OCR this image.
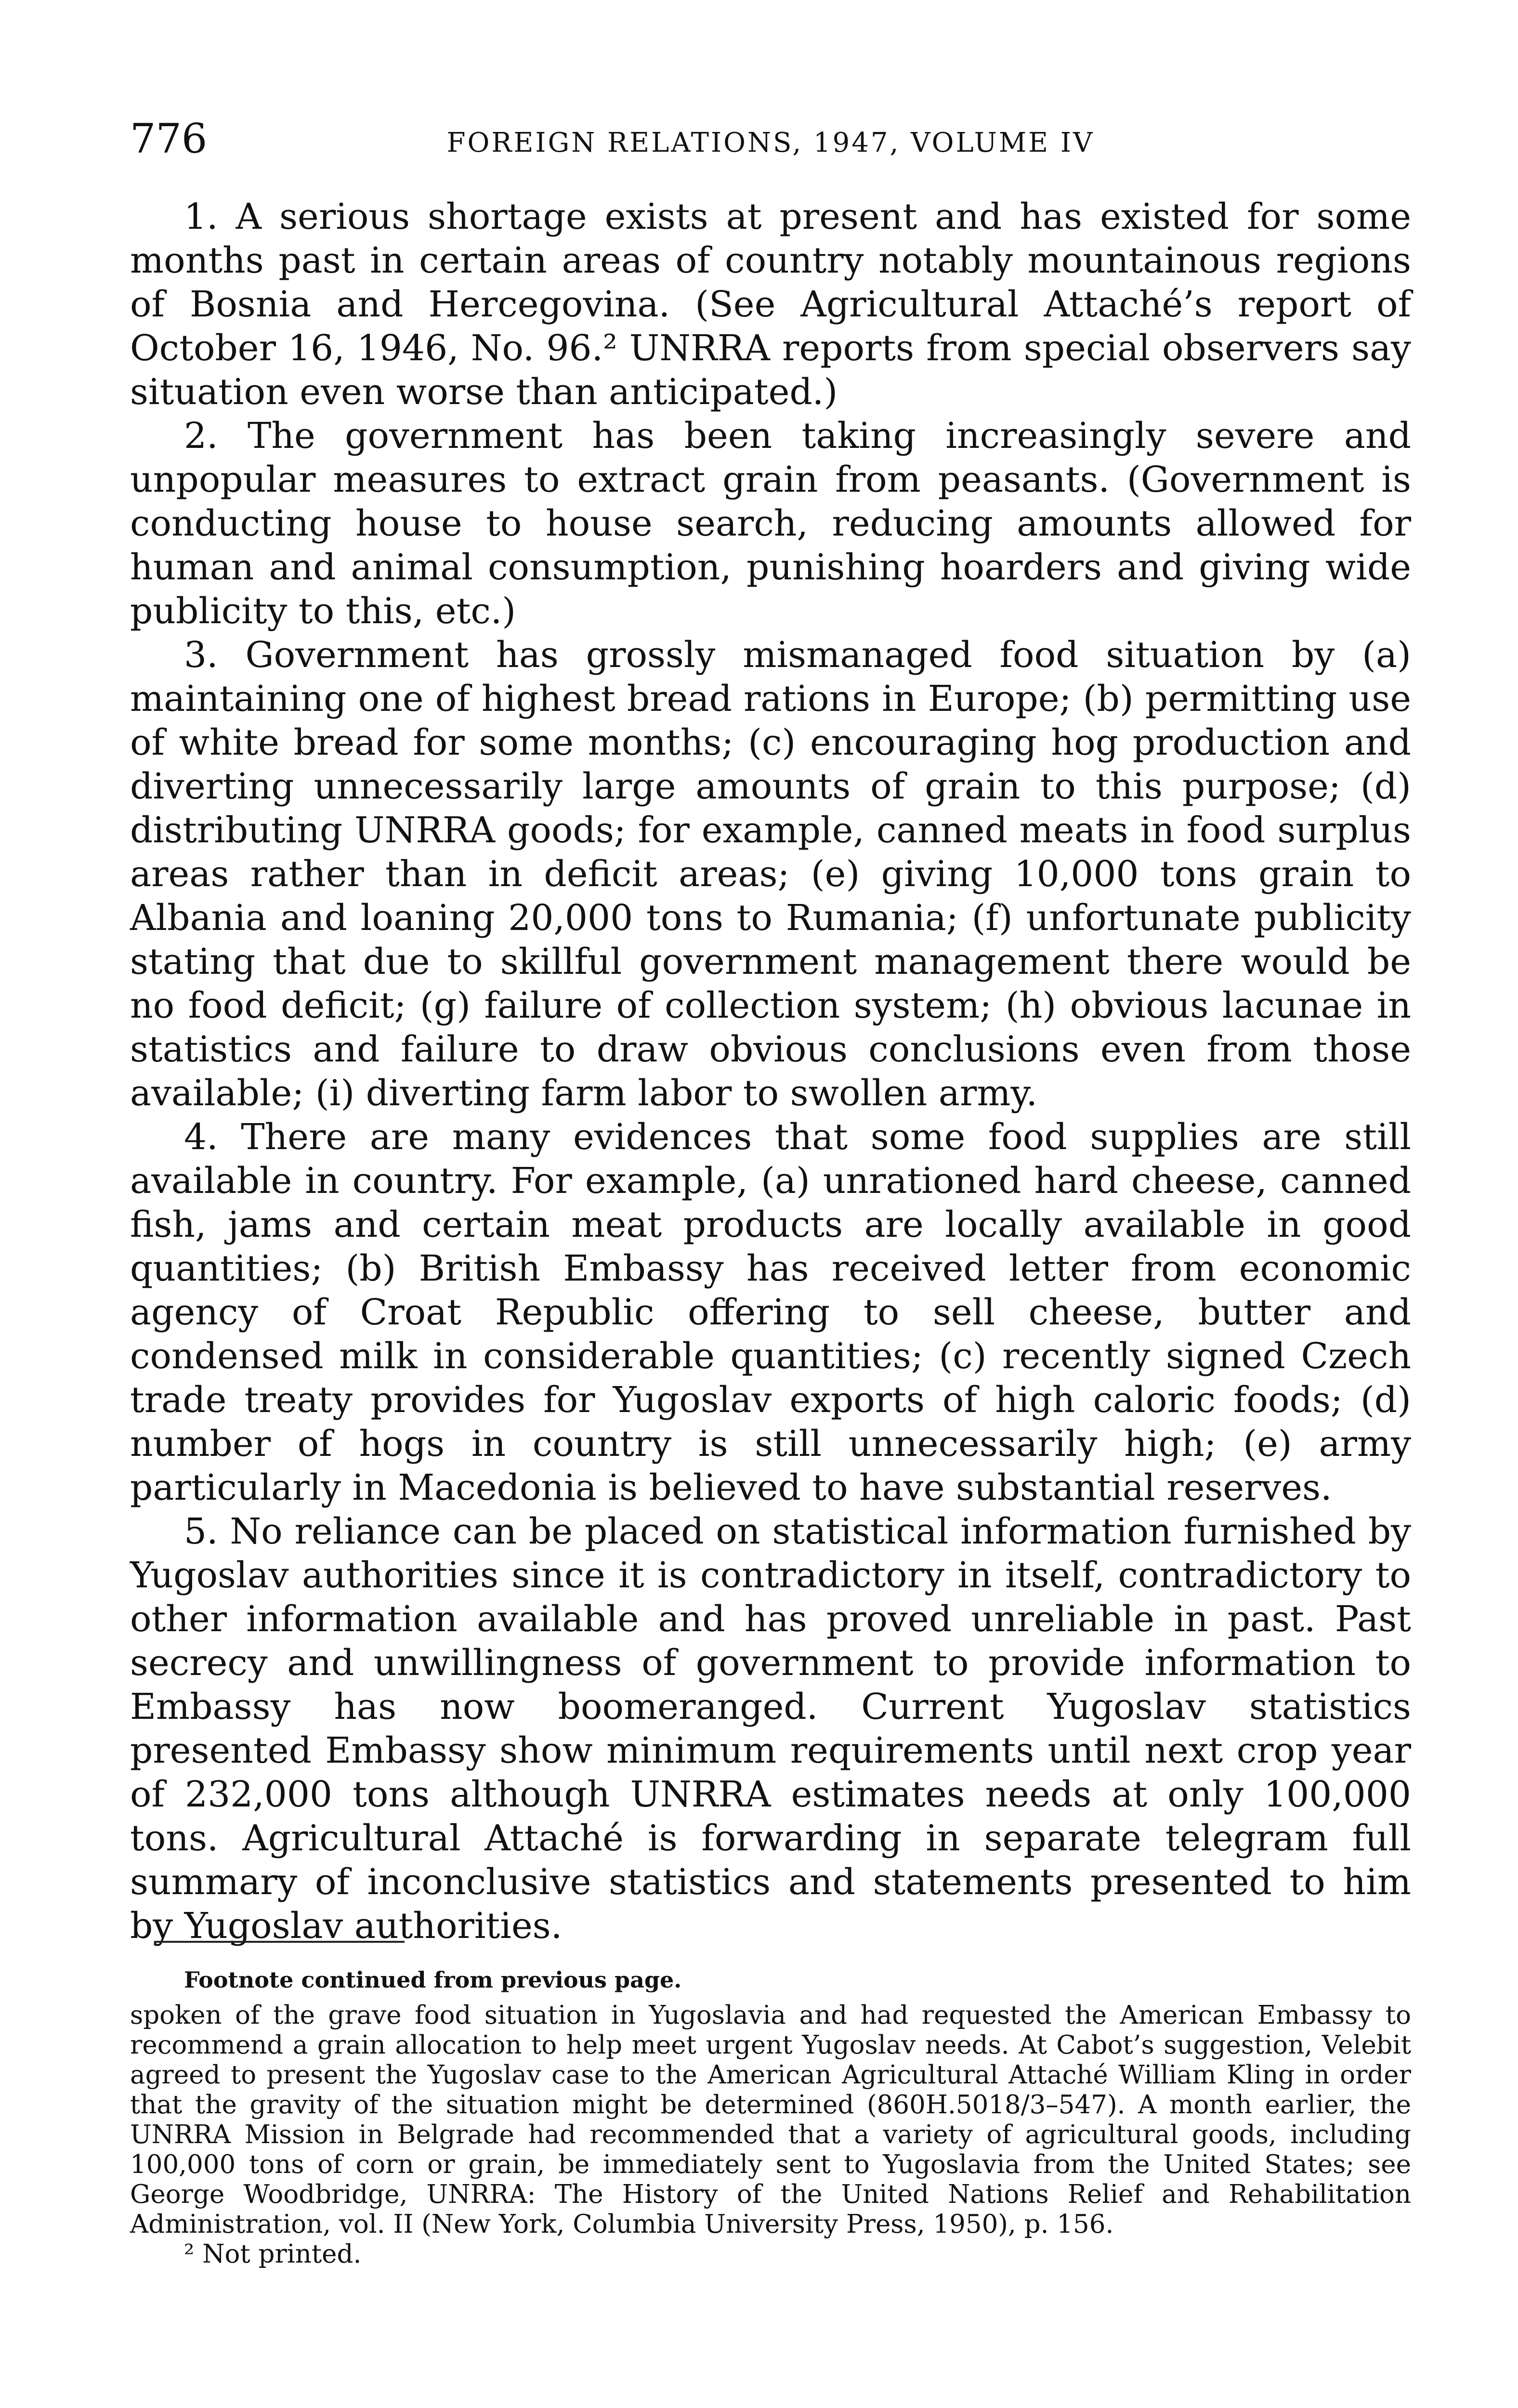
776	FOREIGN RELATIONS, 1947, VOLUME IV

1. A serious shortage exists at present and has existed for some months past in certain areas of country notably mountainous regions of Bosnia and Hercegovina. (See Agricultural Attaché’s report of October 16, 1946, No. 96.² UNRRA reports from special observers say situation even worse than anticipated.)

2. The government has been taking increasingly severe and unpopular measures to extract grain from peasants. (Government is conducting house to house search, reducing amounts allowed for human and animal consumption, punishing hoarders and giving wide publicity to this, etc.)

3. Government has grossly mismanaged food situation by (a) maintaining one of highest bread rations in Europe; (b) permitting use of white bread for some months; (c) encouraging hog production and diverting unnecessarily large amounts of grain to this purpose; (d) distributing UNRRA goods; for example, canned meats in food surplus areas rather than in deficit areas; (e) giving 10,000 tons grain to Albania and loaning 20,000 tons to Rumania; (f) unfortunate publicity stating that due to skillful government management there would be no food deficit; (g) failure of collection system; (h) obvious lacunae in statistics and failure to draw obvious conclusions even from those available; (i) diverting farm labor to swollen army.

4. There are many evidences that some food supplies are still available in country. For example, (a) unrationed hard cheese, canned fish, jams and certain meat products are locally available in good quantities; (b) British Embassy has received letter from economic agency of Croat Republic offering to sell cheese, butter and condensed milk in considerable quantities; (c) recently signed Czech trade treaty provides for Yugoslav exports of high caloric foods; (d) number of hogs in country is still unnecessarily high; (e) army particularly in Macedonia is believed to have substantial reserves.

5. No reliance can be placed on statistical information furnished by Yugoslav authorities since it is contradictory in itself, contradictory to other information available and has proved unreliable in past. Past secrecy and unwillingness of government to provide information to Embassy has now boomeranged. Current Yugoslav statistics presented Embassy show minimum requirements until next crop year of 232,000 tons although UNRRA estimates needs at only 100,000 tons. Agricultural Attaché is forwarding in separate telegram full summary of inconclusive statistics and statements presented to him by Yugoslav authorities.

Footnote continued from previous page.

spoken of the grave food situation in Yugoslavia and had requested the American Embassy to recommend a grain allocation to help meet urgent Yugoslav needs. At Cabot’s suggestion, Velebit agreed to present the Yugoslav case to the American Agricultural Attaché William Kling in order that the gravity of the situation might be determined (860H.5018/3–547). A month earlier, the UNRRA Mission in Belgrade had recommended that a variety of agricultural goods, including 100,000 tons of corn or grain, be immediately sent to Yugoslavia from the United States; see George Woodbridge, UNRRA: The History of the United Nations Relief and Rehabilitation Administration, vol. II (New York, Columbia University Press, 1950), p. 156.

² Not printed.
